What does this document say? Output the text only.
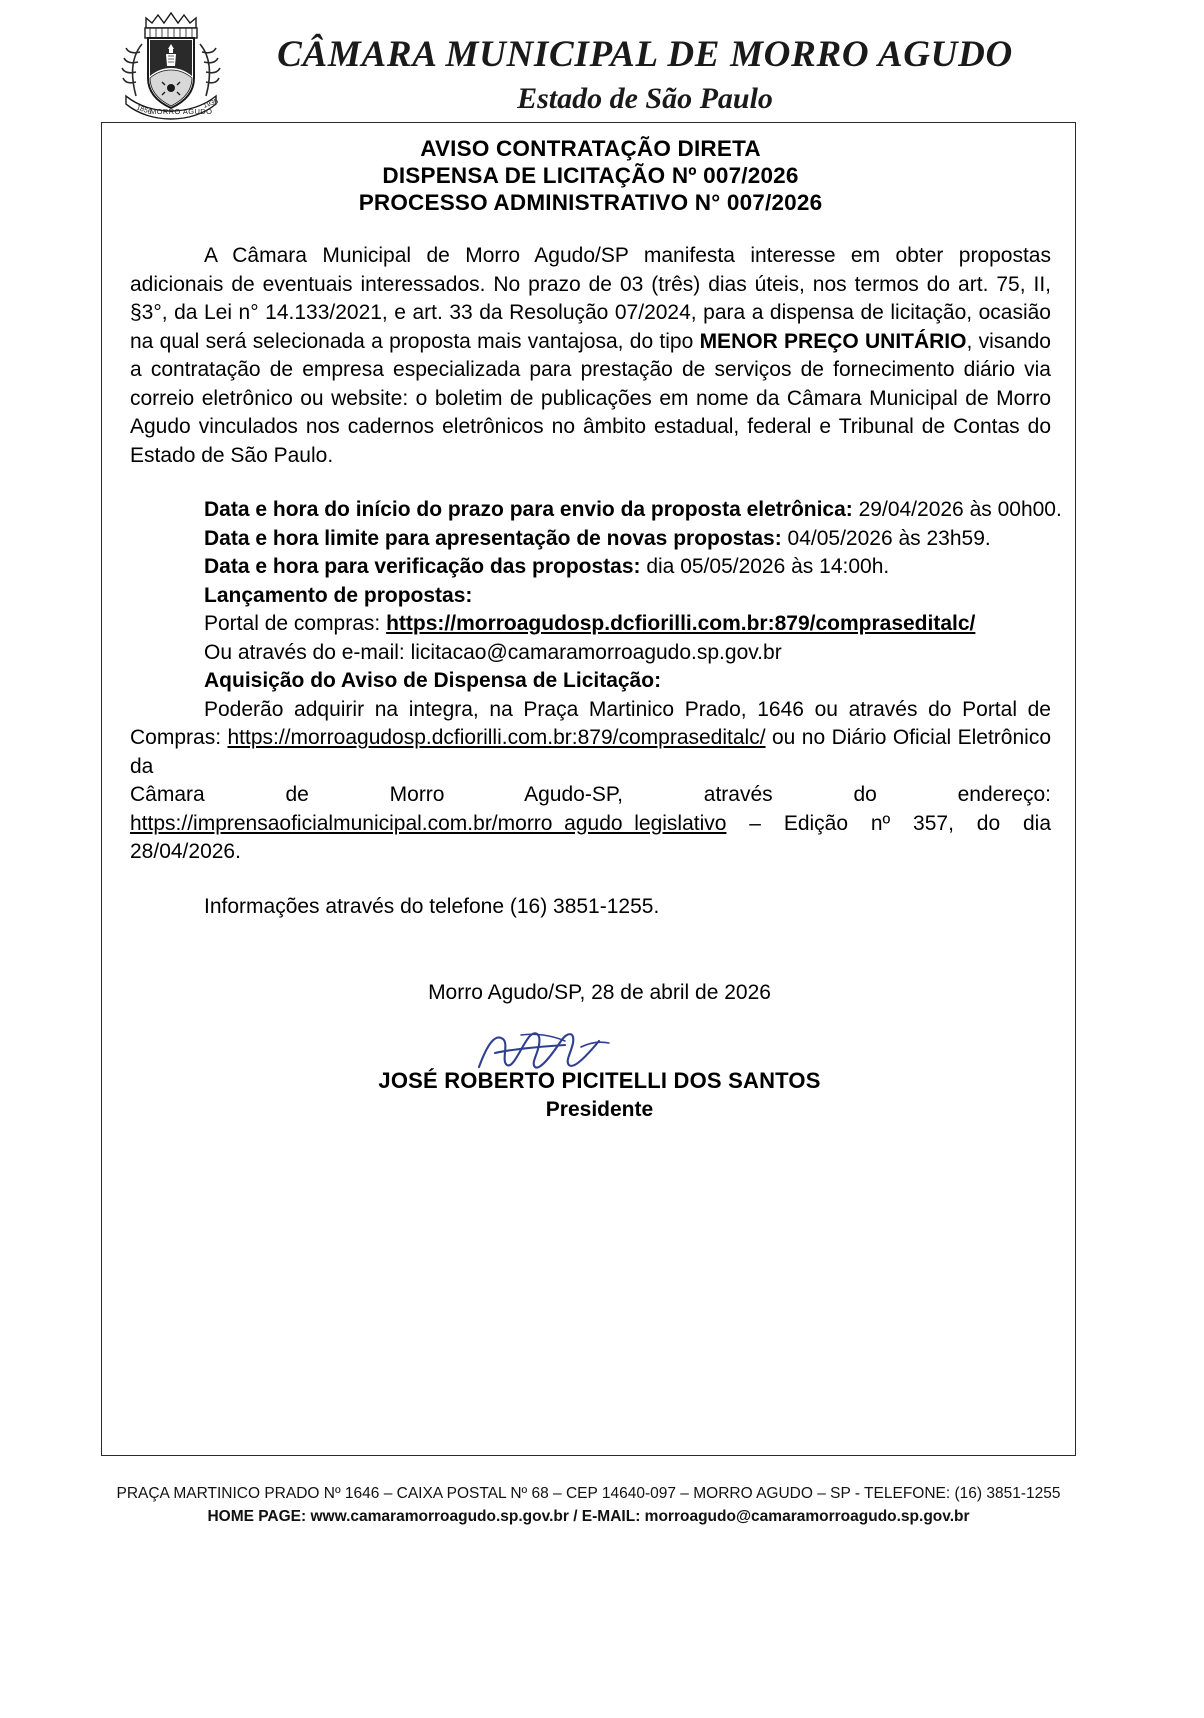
1856
MORRO AGUDO
1935
CÂMARA MUNICIPAL DE MORRO AGUDO
Estado de São Paulo
AVISO CONTRATAÇÃO DIRETA
DISPENSA DE LICITAÇÃO Nº 007/2026
PROCESSO ADMINISTRATIVO N° 007/2026

A Câmara Municipal de Morro Agudo/SP manifesta interesse em obter propostas adicionais de eventuais interessados. No prazo de 03 (três) dias úteis, nos termos do art. 75, II, §3°, da Lei n° 14.133/2021, e art. 33 da Resolução 07/2024, para a dispensa de licitação, ocasião na qual será selecionada a proposta mais vantajosa, do tipo MENOR PREÇO UNITÁRIO, visando a contratação de empresa especializada para prestação de serviços de fornecimento diário via correio eletrônico ou website: o boletim de publicações em nome da Câmara Municipal de Morro Agudo vinculados nos cadernos eletrônicos no âmbito estadual, federal e Tribunal de Contas do Estado de São Paulo.

Data e hora do início do prazo para envio da proposta eletrônica: 29/04/2026 às 00h00.
Data e hora limite para apresentação de novas propostas: 04/05/2026 às 23h59.
Data e hora para verificação das propostas: dia 05/05/2026 às 14:00h.
Lançamento de propostas:
Portal de compras: https://morroagudosp.dcfiorilli.com.br:879/compraseditalc/
Ou através do e-mail: licitacao@camaramorroagudo.sp.gov.br
Aquisição do Aviso de Dispensa de Licitação:

Poderão adquirir na integra, na Praça Martinico Prado, 1646 ou através do Portal de Compras: https://morroagudosp.dcfiorilli.com.br:879/compraseditalc/ ou no Diário Oficial Eletrônico da

Câmara de Morro Agudo-SP, através do endereço:

https://imprensaoficialmunicipal.com.br/morro_agudo_legislativo – Edição nº 357, do dia 28/04/2026.

Informações através do telefone (16) 3851-1255.

Morro Agudo/SP, 28 de abril de 2026
JOSÉ ROBERTO PICITELLI DOS SANTOS
Presidente
PRAÇA MARTINICO PRADO Nº 1646 – CAIXA POSTAL Nº 68 – CEP 14640-097 – MORRO AGUDO – SP - TELEFONE: (16) 3851-1255
HOME PAGE: www.camaramorroagudo.sp.gov.br / E-MAIL: morroagudo@camaramorroagudo.sp.gov.br
